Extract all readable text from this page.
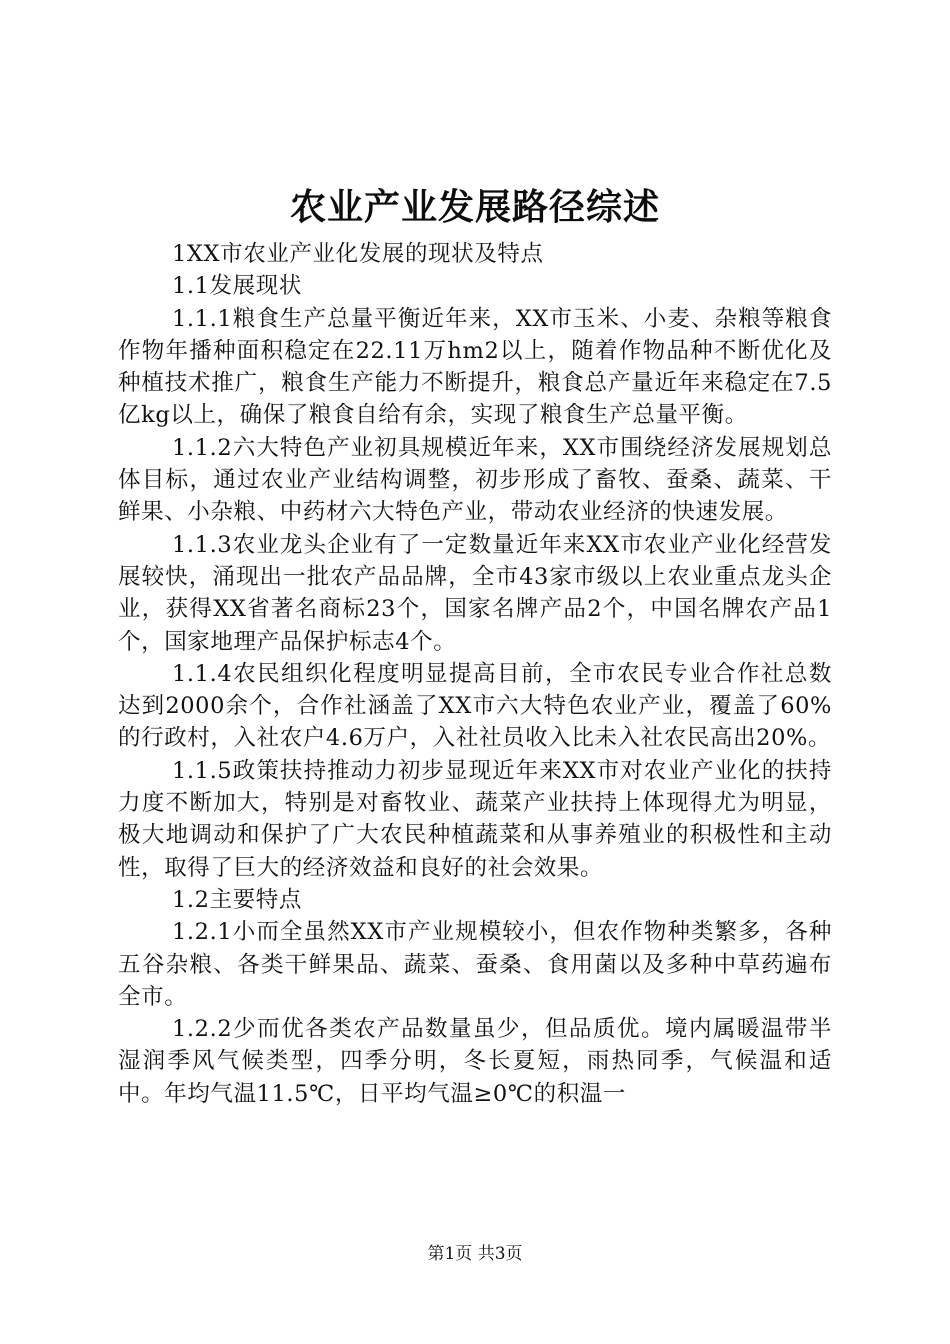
农业产业发展路径综述

1XX市农业产业化发展的现状及特点

1.1发展现状

1.1.1粮食生产总量平衡近年来，XX市玉米、小麦、杂粮等粮食作物年播种面积稳定在22.11万hm2以上，随着作物品种不断优化及种植技术推广，粮食生产能力不断提升，粮食总产量近年来稳定在7.5亿kg以上，确保了粮食自给有余，实现了粮食生产总量平衡。

1.1.2六大特色产业初具规模近年来，XX市围绕经济发展规划总体目标，通过农业产业结构调整，初步形成了畜牧、蚕桑、蔬菜、干鲜果、小杂粮、中药材六大特色产业，带动农业经济的快速发展。

1.1.3农业龙头企业有了一定数量近年来XX市农业产业化经营发展较快，涌现出一批农产品品牌，全市43家市级以上农业重点龙头企业，获得XX省著名商标23个，国家名牌产品2个，中国名牌农产品1个，国家地理产品保护标志4个。

1.1.4农民组织化程度明显提高目前，全市农民专业合作社总数达到2000余个，合作社涵盖了XX市六大特色农业产业，覆盖了60%的行政村，入社农户4.6万户，入社社员收入比未入社农民高出20%。

1.1.5政策扶持推动力初步显现近年来XX市对农业产业化的扶持力度不断加大，特别是对畜牧业、蔬菜产业扶持上体现得尤为明显，极大地调动和保护了广大农民种植蔬菜和从事养殖业的积极性和主动性，取得了巨大的经济效益和良好的社会效果。

1.2主要特点

1.2.1小而全虽然XX市产业规模较小，但农作物种类繁多，各种五谷杂粮、各类干鲜果品、蔬菜、蚕桑、食用菌以及多种中草药遍布全市。

1.2.2少而优各类农产品数量虽少，但品质优。境内属暖温带半湿润季风气候类型，四季分明，冬长夏短，雨热同季，气候温和适中。年均气温11.5℃，日平均气温≥0℃的积温一

第1页 共3页
